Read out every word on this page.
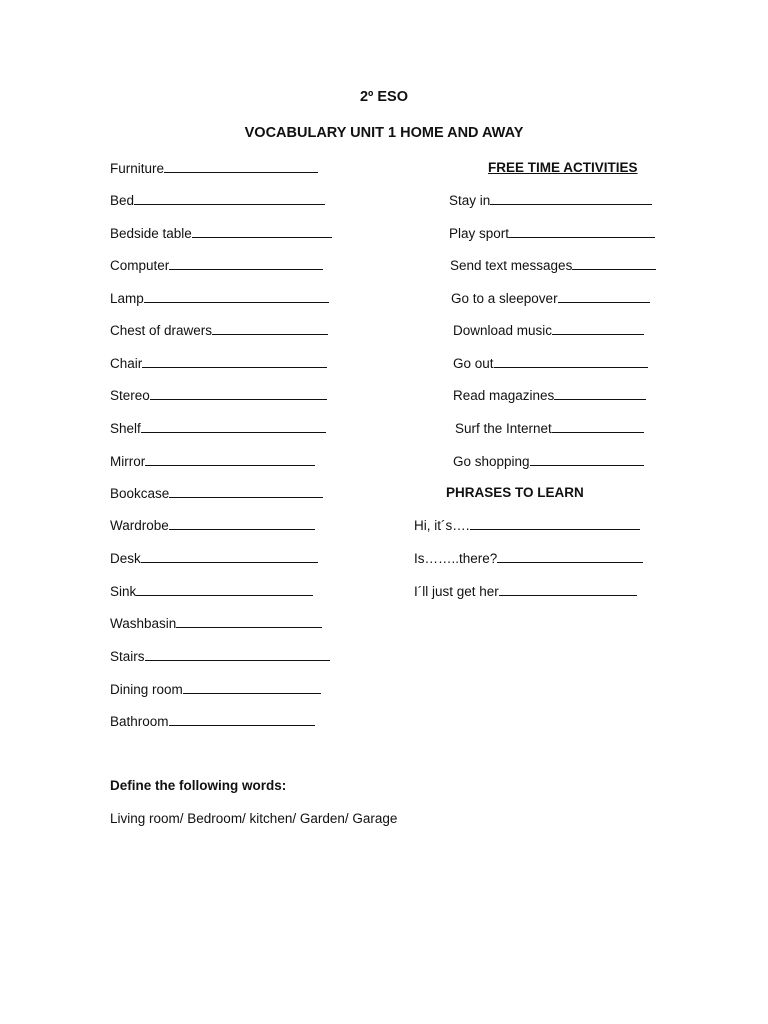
2º ESO
VOCABULARY UNIT 1 HOME AND AWAY
Furniture
Bed
Bedside table
Computer
Lamp
Chest of drawers
Chair
Stereo
Shelf
Mirror
Bookcase
Wardrobe
Desk
Sink
Washbasin
Stairs
Dining room
Bathroom
FREE TIME ACTIVITIES
Stay in
Play sport
Send text messages
Go to a sleepover
Download music
Go out
Read magazines
Surf the Internet
Go shopping
PHRASES TO LEARN
Hi, it´s….
Is……..there?
I´ll just get her
Define the following words:
Living room/ Bedroom/ kitchen/ Garden/ Garage
